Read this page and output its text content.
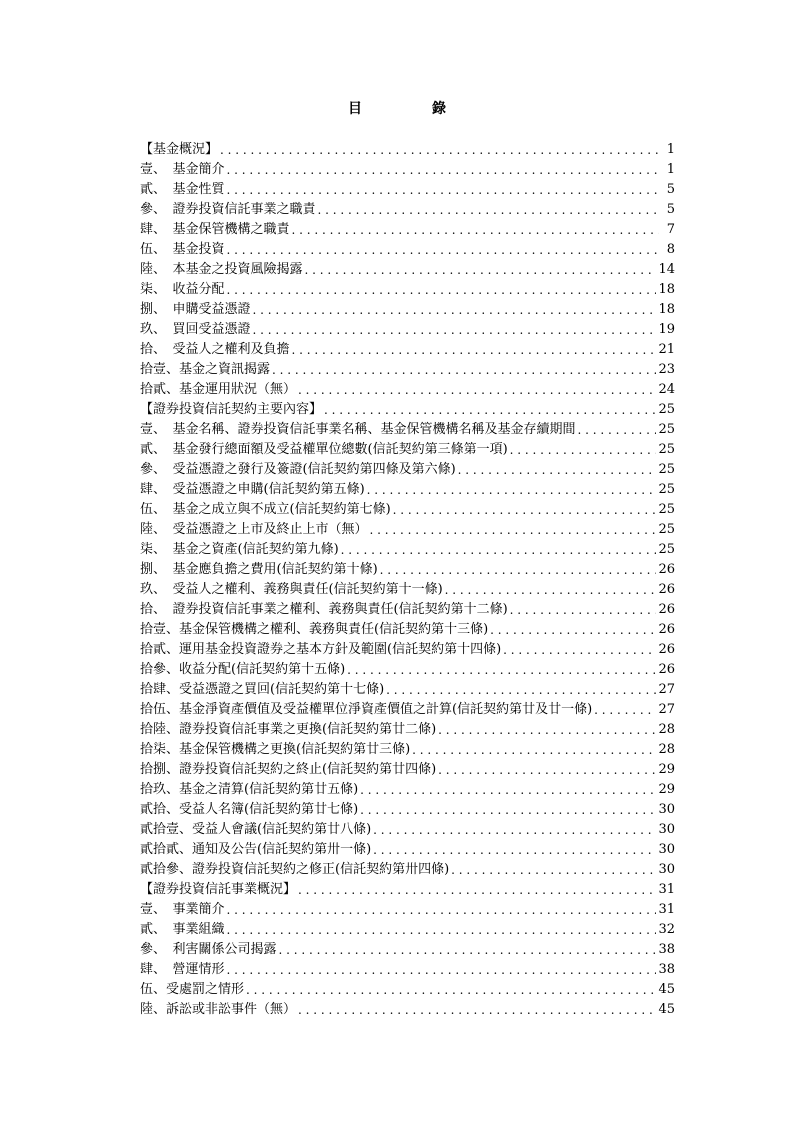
目　錄
【基金概況】 . . .	1
壹、　基金簡介 . . .	1
貳、　基金性質 . . .	5
參、　證券投資信託事業之職責 . . .	5
肆、　基金保管機構之職責 . . .	7
伍、　基金投資 . . .	8
陸、　本基金之投資風險揭露 . . .	14
柒、　收益分配 . . .	18
捌、　申購受益憑證 . . .	18
玖、　買回受益憑證 . . .	19
拾、　受益人之權利及負擔 . . .	21
拾壹、基金之資訊揭露 . . .	23
拾貳、基金運用狀況（無） . . .	24
【證券投資信託契約主要內容】 . . .	25
壹、　基金名稱、證券投資信託事業名稱、基金保管機構名稱及基金存續期間 . . .	25
貳、　基金發行總面額及受益權單位總數(信託契約第三條第一項) . . .	25
參、　受益憑證之發行及簽證(信託契約第四條及第六條) . . .	25
肆、　受益憑證之申購(信託契約第五條) . . .	25
伍、　基金之成立與不成立(信託契約第七條) . . .	25
陸、　受益憑證之上市及終止上市（無） . . .	25
柒、　基金之資產(信託契約第九條) . . .	25
捌、　基金應負擔之費用(信託契約第十條) . . .	26
玖、　受益人之權利、義務與責任(信託契約第十一條) . . .	26
拾、　證券投資信託事業之權利、義務與責任(信託契約第十二條) . . .	26
拾壹、基金保管機構之權利、義務與責任(信託契約第十三條) . . .	26
拾貳、運用基金投資證券之基本方針及範圍(信託契約第十四條) . . .	26
拾參、收益分配(信託契約第十五條) . . .	26
拾肆、受益憑證之買回(信託契約第十七條) . . .	27
拾伍、基金淨資產價值及受益權單位淨資產價值之計算(信託契約第廿及廿一條) . . .	27
拾陸、證券投資信託事業之更換(信託契約第廿二條) . . .	28
拾柒、基金保管機構之更換(信託契約第廿三條) . . .	28
拾捌、證券投資信託契約之終止(信託契約第廿四條) . . .	29
拾玖、基金之清算(信託契約第廿五條) . . .	29
貳拾、受益人名簿(信託契約第廿七條) . . .	30
貳拾壹、受益人會議(信託契約第廿八條) . . .	30
貳拾貳、通知及公告(信託契約第卅一條) . . .	30
貳拾參、證券投資信託契約之修正(信託契約第卅四條) . . .	30
【證券投資信託事業概況】 . . .	31
壹、　事業簡介 . . .	31
貳、　事業組織 . . .	32
參、　利害關係公司揭露 . . .	38
肆、　營運情形 . . .	38
伍、受處罰之情形 . . .	45
陸、訴訟或非訟事件（無） . . .	45
